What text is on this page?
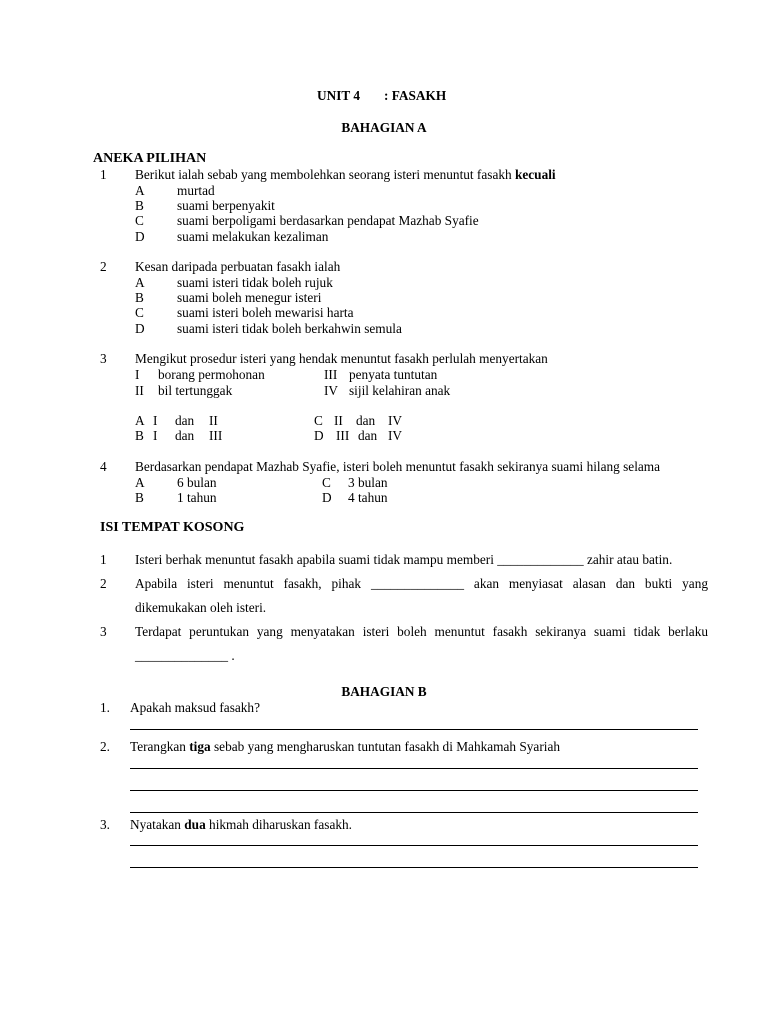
UNIT 4 : FASAKH
BAHAGIAN A
ANEKA PILIHAN
1 Berikut ialah sebab yang membolehkan seorang isteri menuntut fasakh kecuali
A murtad
B suami berpenyakit
C suami berpoligami berdasarkan pendapat Mazhab Syafie
D suami melakukan kezaliman
2 Kesan daripada perbuatan fasakh ialah
A suami isteri tidak boleh rujuk
B suami boleh menegur isteri
C suami isteri boleh mewarisi harta
D suami isteri tidak boleh berkahwin semula
3 Mengikut prosedur isteri yang hendak menuntut fasakh perlulah menyertakan
I borang permohonan
II bil tertunggak
III penyata tuntutan
IV sijil kelahiran anak
A I dan II
B I dan III
C II dan IV
D III dan IV
4 Berdasarkan pendapat Mazhab Syafie, isteri boleh menuntut fasakh sekiranya suami hilang selama
A 6 bulan
B 1 tahun
C 3 bulan
D 4 tahun
ISI TEMPAT KOSONG
1 Isteri berhak menuntut fasakh apabila suami tidak mampu memberi _____________ zahir atau batin.
2 Apabila isteri menuntut fasakh, pihak ______________ akan menyiasat alasan dan bukti yang
dikemukakan oleh isteri.
3 Terdapat peruntukan yang menyatakan isteri boleh menuntut fasakh sekiranya suami tidak berlaku
______________ .
BAHAGIAN B
1. Apakah maksud fasakh?
2. Terangkan tiga sebab yang mengharuskan tuntutan fasakh di Mahkamah Syariah
3. Nyatakan dua hikmah diharuskan fasakh.
